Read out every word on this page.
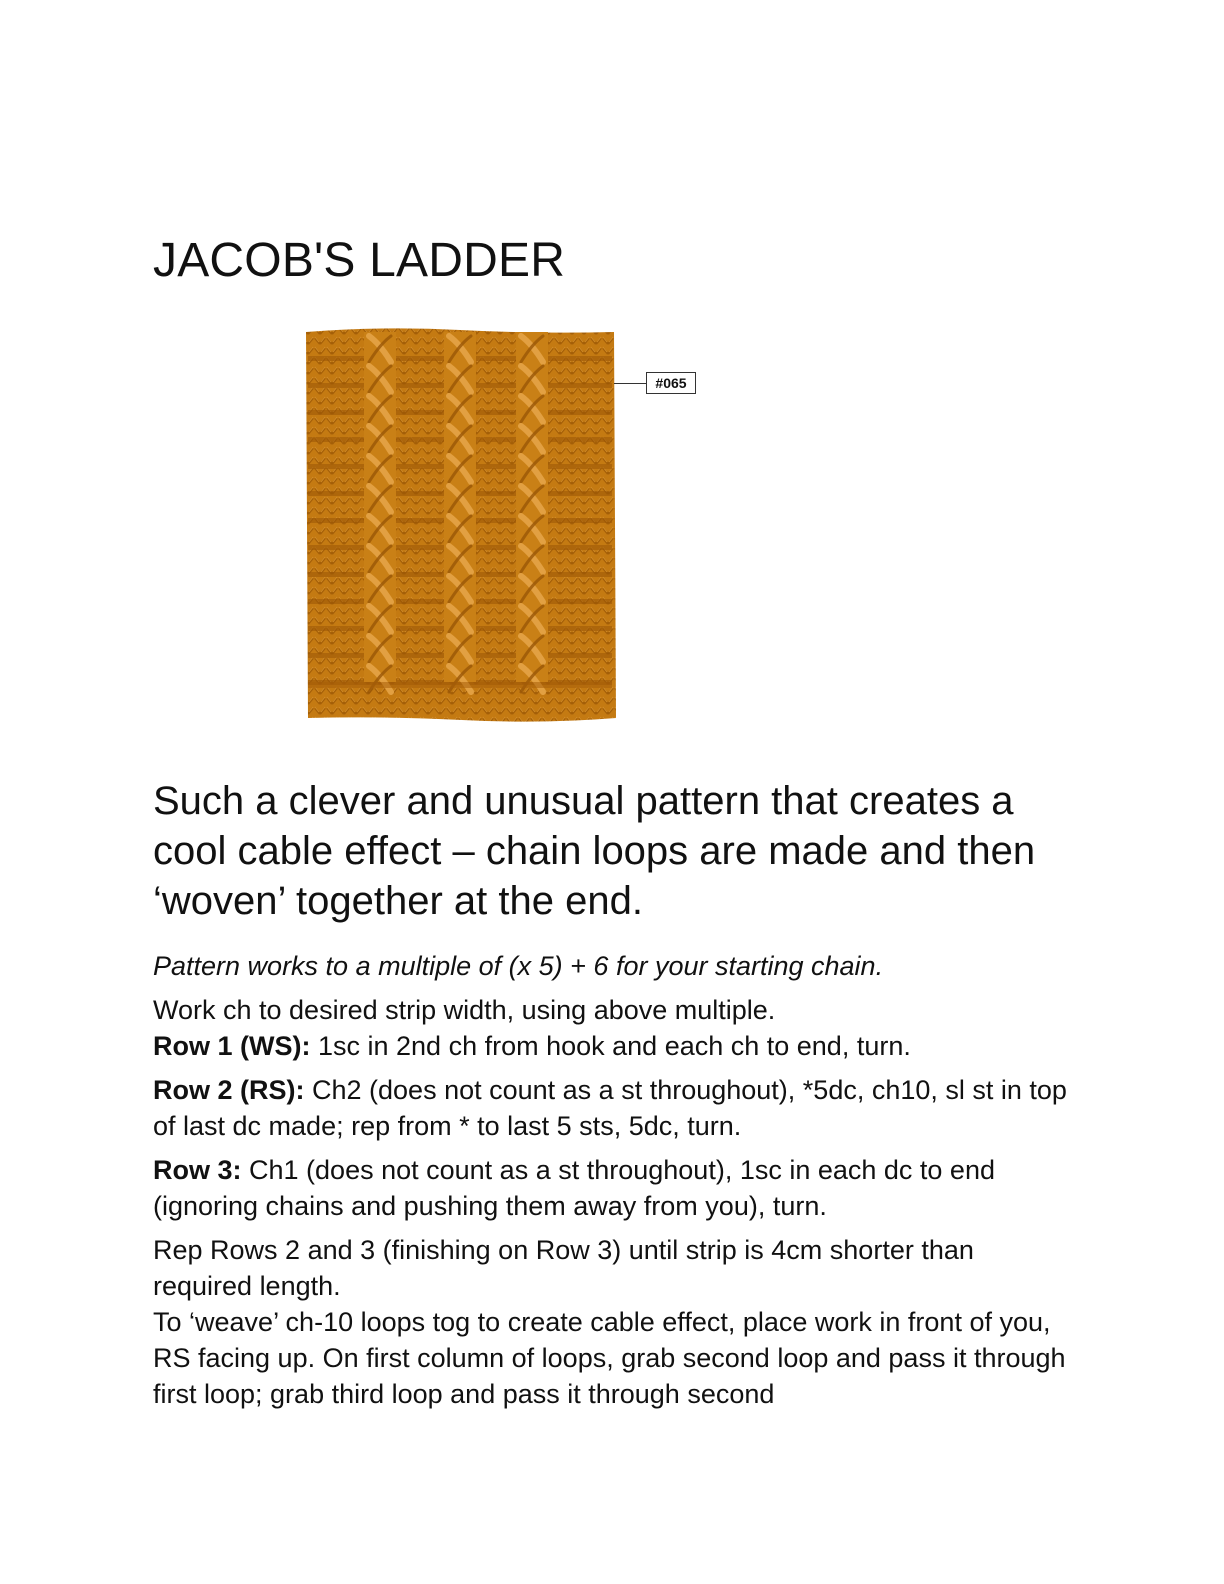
JACOB'S LADDER
#065

Such a clever and unusual pattern that creates a cool cable effect – chain loops are made and then ‘woven’ together at the end.

Pattern works to a multiple of (x 5) + 6 for your starting chain.

Work ch to desired strip width, using above multiple.

Row 1 (WS): 1sc in 2nd ch from hook and each ch to end, turn.

Row 2 (RS): Ch2 (does not count as a st throughout), *5dc, ch10, sl st in top of last dc made; rep from * to last 5 sts, 5dc, turn.

Row 3: Ch1 (does not count as a st throughout), 1sc in each dc to end (ignoring chains and pushing them away from you), turn.

Rep Rows 2 and 3 (finishing on Row 3) until strip is 4cm shorter than required length.

To ‘weave’ ch-10 loops tog to create cable effect, place work in front of you, RS facing up. On first column of loops, grab second loop and pass it through first loop; grab third loop and pass it through second
